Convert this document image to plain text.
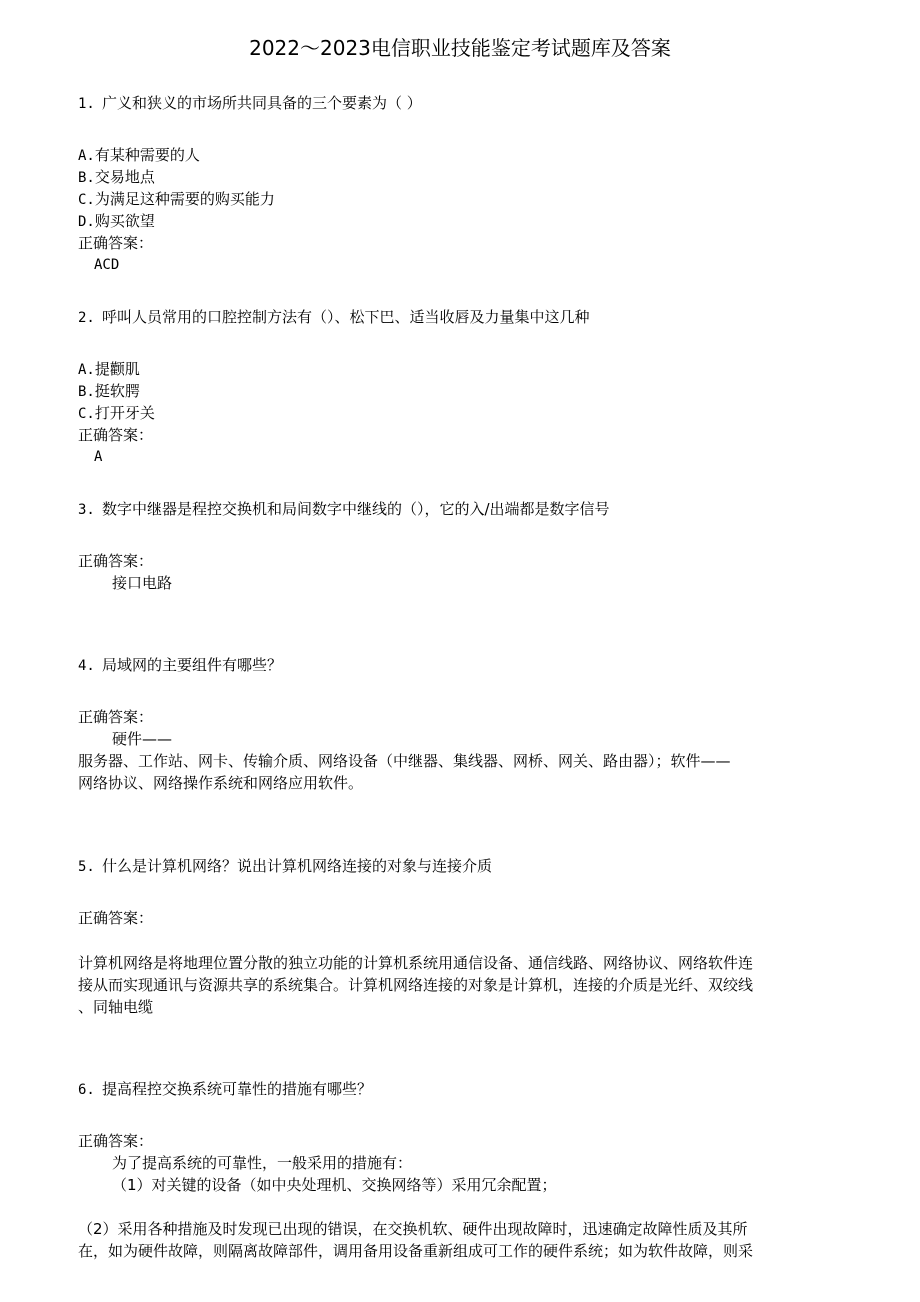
2022～2023电信职业技能鉴定考试题库及答案
1. 广义和狭义的市场所共同具备的三个要素为（ ）
A.有某种需要的人
B.交易地点
C.为满足这种需要的购买能力
D.购买欲望
正确答案：
ACD
2. 呼叫人员常用的口腔控制方法有（）、松下巴、适当收唇及力量集中这几种
A.提颧肌
B.挺软腭
C.打开牙关
正确答案：
A
3. 数字中继器是程控交换机和局间数字中继线的（），它的入/出端都是数字信号
正确答案：
接口电路
4. 局域网的主要组件有哪些？
正确答案：
硬件——
服务器、工作站、网卡、传输介质、网络设备（中继器、集线器、网桥、网关、路由器）；软件——
网络协议、网络操作系统和网络应用软件。
5. 什么是计算机网络？说出计算机网络连接的对象与连接介质
正确答案：
计算机网络是将地理位置分散的独立功能的计算机系统用通信设备、通信线路、网络协议、网络软件连
接从而实现通讯与资源共享的系统集合。计算机网络连接的对象是计算机，连接的介质是光纤、双绞线
、同轴电缆
6. 提高程控交换系统可靠性的措施有哪些？
正确答案：
为了提高系统的可靠性，一般采用的措施有：
（1）对关键的设备（如中央处理机、交换网络等）采用冗余配置；
（2）采用各种措施及时发现已出现的错误，在交换机软、硬件出现故障时，迅速确定故障性质及其所
在，如为硬件故障，则隔离故障部件，调用备用设备重新组成可工作的硬件系统；如为软件故障，则采
